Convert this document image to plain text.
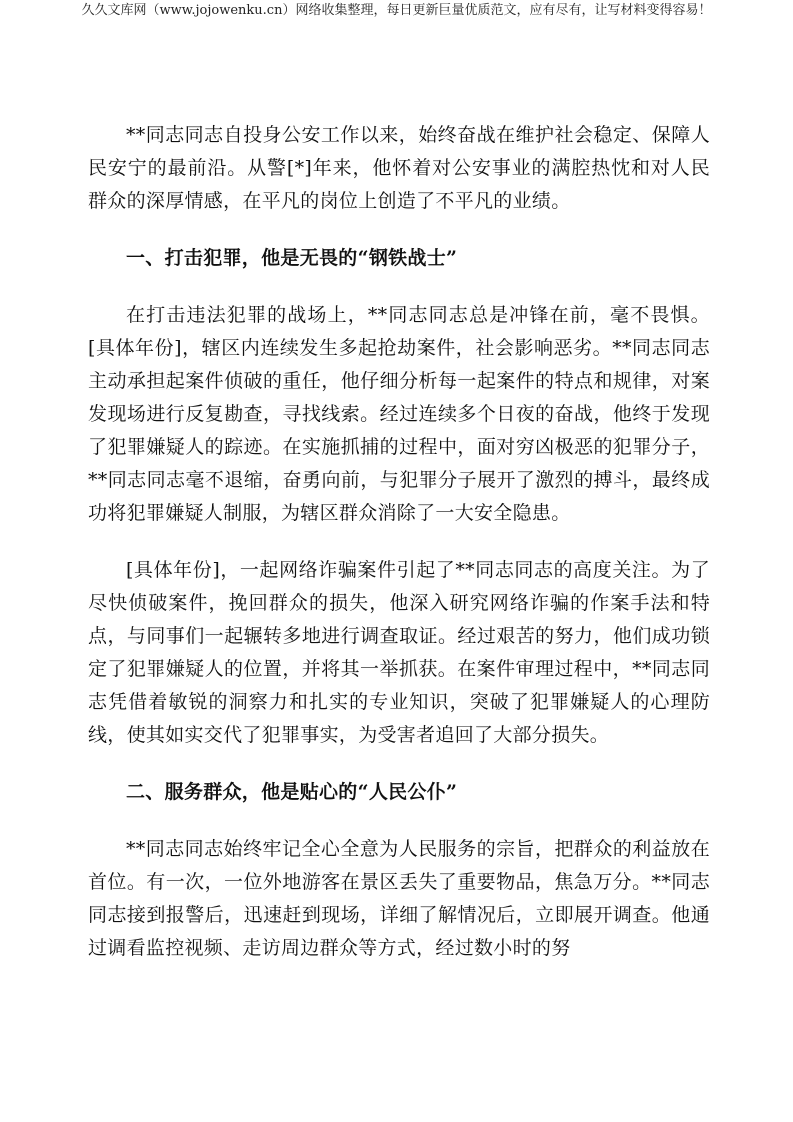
久久文库网（www.jojowenku.cn）网络收集整理，每日更新巨量优质范文，应有尽有，让写材料变得容易！

**同志同志自投身公安工作以来，始终奋战在维护社会稳定、保障人民安宁的最前沿。从警[*]年来，他怀着对公安事业的满腔热忱和对人民群众的深厚情感，在平凡的岗位上创造了不平凡的业绩。

一、打击犯罪，他是无畏的“钢铁战士”

在打击违法犯罪的战场上，**同志同志总是冲锋在前，毫不畏惧。[具体年份]，辖区内连续发生多起抢劫案件，社会影响恶劣。**同志同志主动承担起案件侦破的重任，他仔细分析每一起案件的特点和规律，对案发现场进行反复勘查，寻找线索。经过连续多个日夜的奋战，他终于发现了犯罪嫌疑人的踪迹。在实施抓捕的过程中，面对穷凶极恶的犯罪分子，**同志同志毫不退缩，奋勇向前，与犯罪分子展开了激烈的搏斗，最终成功将犯罪嫌疑人制服，为辖区群众消除了一大安全隐患。

[具体年份]，一起网络诈骗案件引起了**同志同志的高度关注。为了尽快侦破案件，挽回群众的损失，他深入研究网络诈骗的作案手法和特点，与同事们一起辗转多地进行调查取证。经过艰苦的努力，他们成功锁定了犯罪嫌疑人的位置，并将其一举抓获。在案件审理过程中，**同志同志凭借着敏锐的洞察力和扎实的专业知识，突破了犯罪嫌疑人的心理防线，使其如实交代了犯罪事实，为受害者追回了大部分损失。

二、服务群众，他是贴心的“人民公仆”

**同志同志始终牢记全心全意为人民服务的宗旨，把群众的利益放在首位。有一次，一位外地游客在景区丢失了重要物品，焦急万分。**同志同志接到报警后，迅速赶到现场，详细了解情况后，立即展开调查。他通过调看监控视频、走访周边群众等方式，经过数小时的努
